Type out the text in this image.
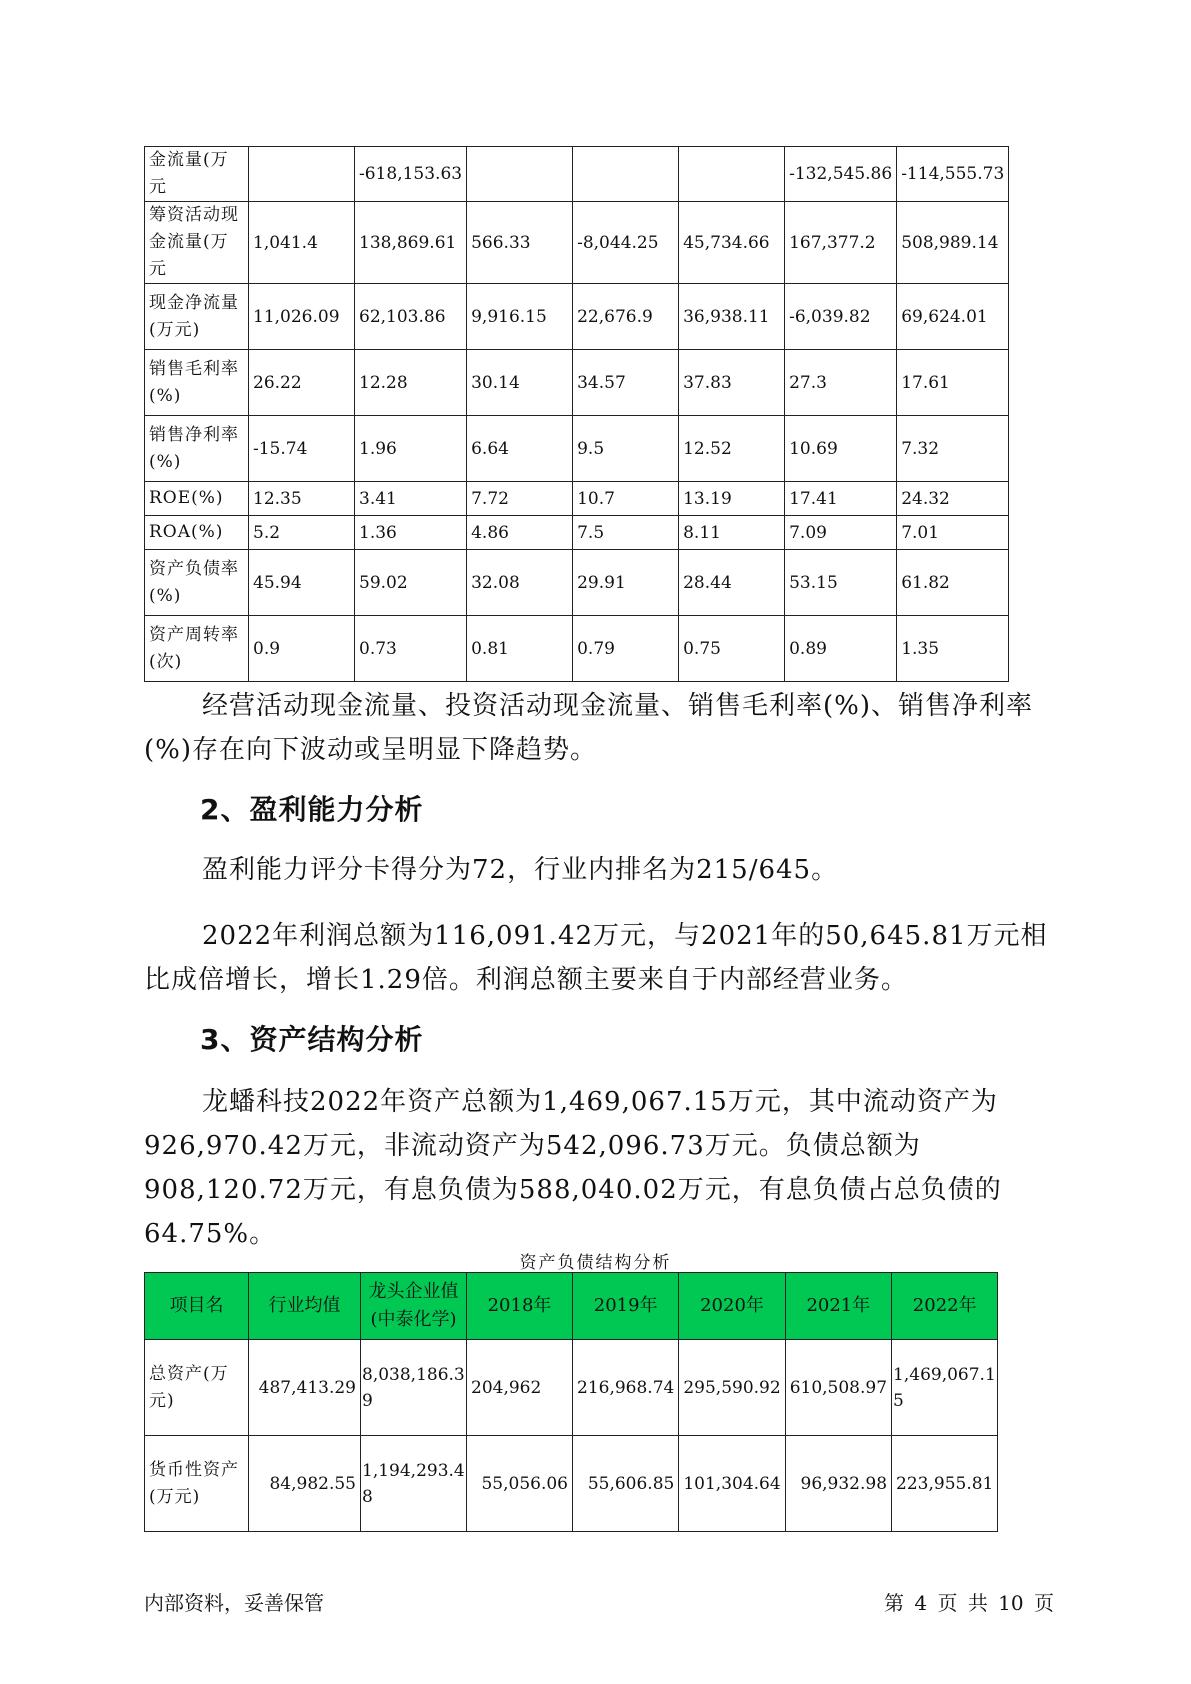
金流量(万元		-618,153.63				-132,545.86	-114,555.73
筹资活动现金流量(万元	1,041.4	138,869.61	566.33	-8,044.25	45,734.66	167,377.2	508,989.14
现金净流量(万元)	11,026.09	62,103.86	9,916.15	22,676.9	36,938.11	-6,039.82	69,624.01
销售毛利率(%)	26.22	12.28	30.14	34.57	37.83	27.3	17.61
销售净利率(%)	-15.74	1.96	6.64	9.5	12.52	10.69	7.32
ROE(%)	12.35	3.41	7.72	10.7	13.19	17.41	24.32
ROA(%)	5.2	1.36	4.86	7.5	8.11	7.09	7.01
资产负债率(%)	45.94	59.02	32.08	29.91	28.44	53.15	61.82
资产周转率(次)	0.9	0.73	0.81	0.79	0.75	0.89	1.35
经营活动现金流量、投资活动现金流量、销售毛利率(%)、销售净利率(%)存在向下波动或呈明显下降趋势。
2、盈利能力分析
盈利能力评分卡得分为72，行业内排名为215/645。
2022年利润总额为116,091.42万元，与2021年的50,645.81万元相比成倍增长，增长1.29倍。利润总额主要来自于内部经营业务。
3、资产结构分析
龙蟠科技2022年资产总额为1,469,067.15万元，其中流动资产为926,970.42万元，非流动资产为542,096.73万元。负债总额为908,120.72万元，有息负债为588,040.02万元，有息负债占总负债的64.75%。
资产负债结构分析
项目名	行业均值	龙头企业值(中泰化学)	2018年	2019年	2020年	2021年	2022年
总资产(万元)	487,413.29	8,038,186.39	204,962	216,968.74	295,590.92	610,508.97	1,469,067.15
货币性资产(万元)	84,982.55	1,194,293.48	55,056.06	55,606.85	101,304.64	96,932.98	223,955.81
内部资料，妥善保管	第 4 页 共 10 页
